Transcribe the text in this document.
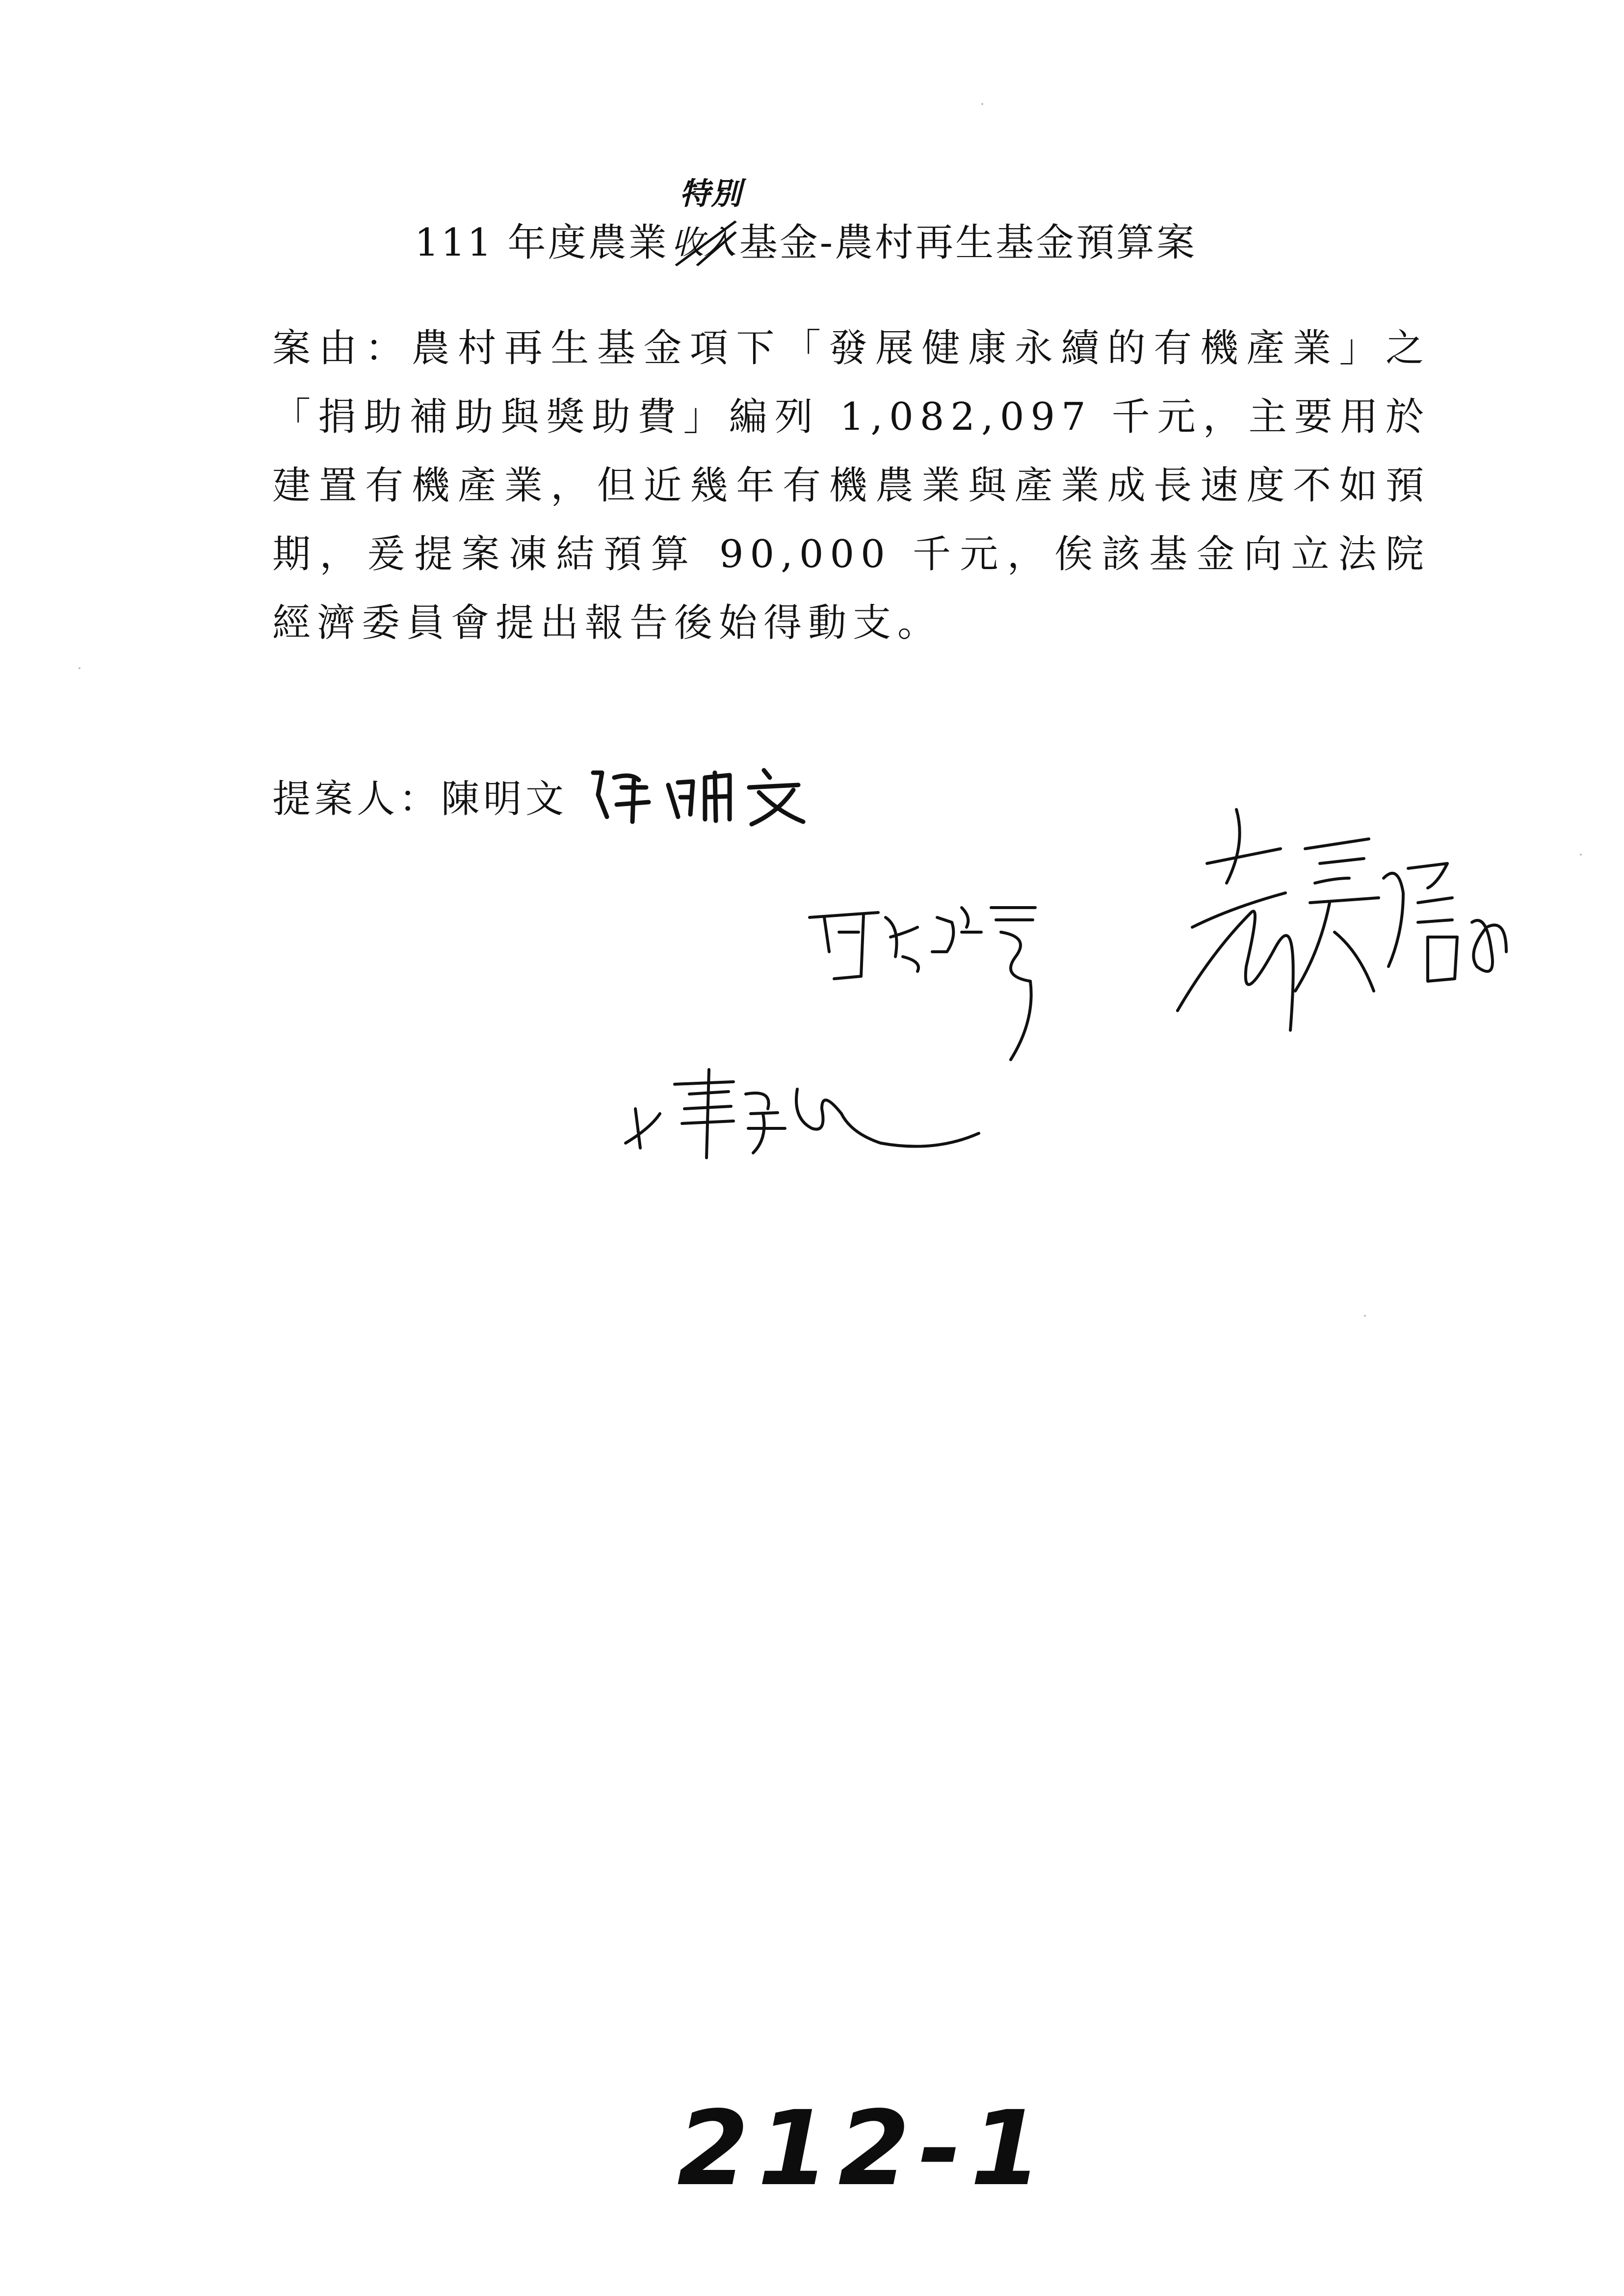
特別
111 年度農業收入
基金-農村再生基金預算案

案由：農村再生基金項下「發展健康永續的有機產業」之「捐助補助與獎助費」編列 1,082,097 千元，主要用於建置有機產業，但近幾年有機農業與產業成長速度不如預期，爰提案凍結預算 90,000 千元，俟該基金向立法院 經濟委員會提出報告後始得動支。

提案人：陳明文
212-1
